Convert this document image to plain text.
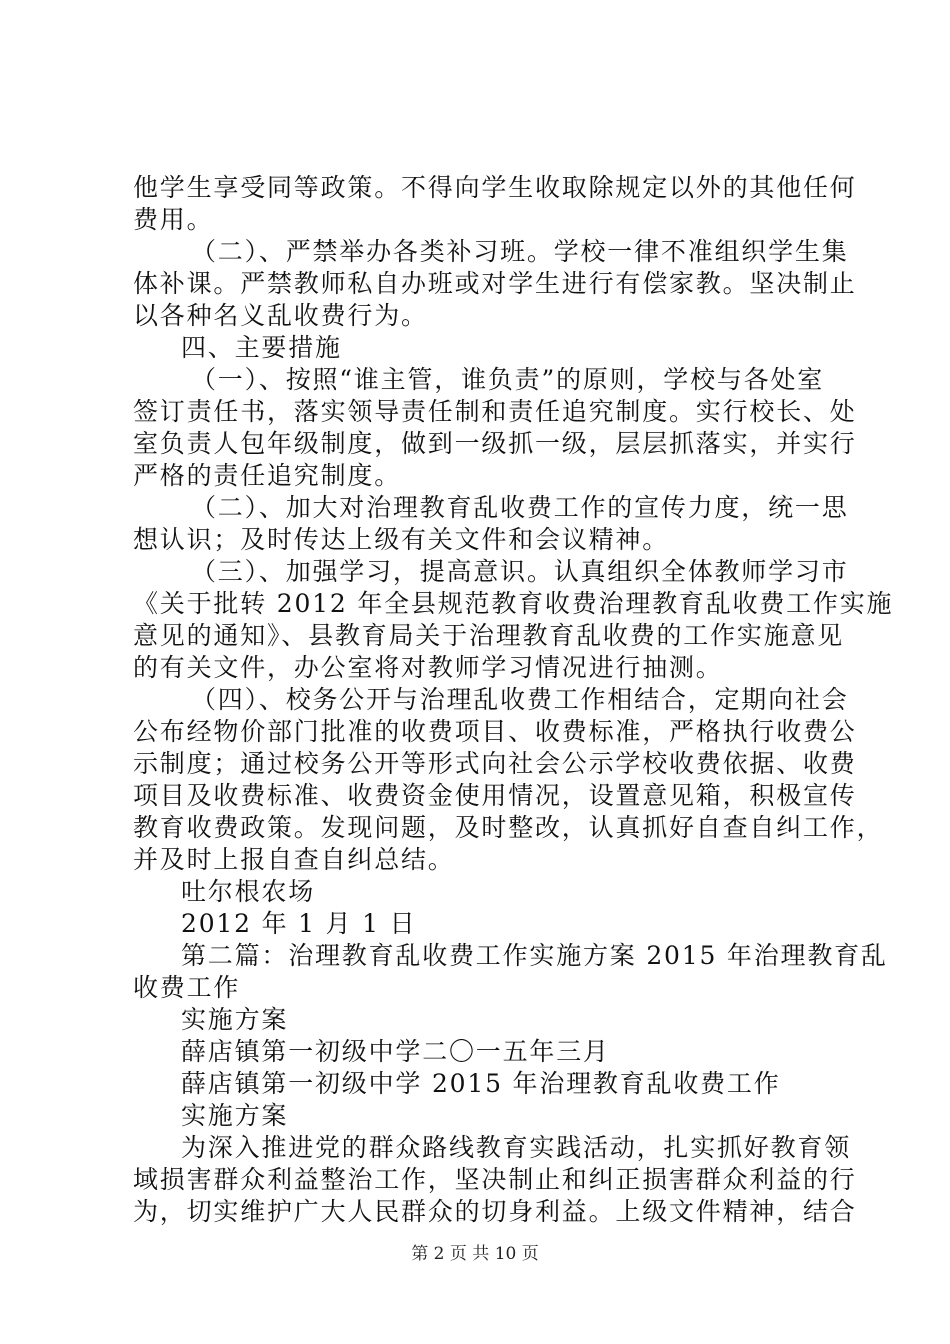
他学生享受同等政策。不得向学生收取除规定以外的其他任何
费用。
（二）、严禁举办各类补习班。学校一律不准组织学生集
体补课。严禁教师私自办班或对学生进行有偿家教。坚决制止
以各种名义乱收费行为。
四、主要措施
（一）、按照“谁主管，谁负责”的原则，学校与各处室
签订责任书，落实领导责任制和责任追究制度。实行校长、处
室负责人包年级制度，做到一级抓一级，层层抓落实，并实行
严格的责任追究制度。
（二）、加大对治理教育乱收费工作的宣传力度，统一思
想认识；及时传达上级有关文件和会议精神。
（三）、加强学习，提高意识。认真组织全体教师学习市
《关于批转 2012 年全县规范教育收费治理教育乱收费工作实施
意见的通知》、县教育局关于治理教育乱收费的工作实施意见
的有关文件，办公室将对教师学习情况进行抽测。
（四）、校务公开与治理乱收费工作相结合，定期向社会
公布经物价部门批准的收费项目、收费标准，严格执行收费公
示制度；通过校务公开等形式向社会公示学校收费依据、收费
项目及收费标准、收费资金使用情况，设置意见箱，积极宣传
教育收费政策。发现问题，及时整改，认真抓好自查自纠工作，
并及时上报自查自纠总结。
吐尔根农场
2012 年 1 月 1 日
第二篇：治理教育乱收费工作实施方案 2015 年治理教育乱
收费工作
实施方案
薛店镇第一初级中学二〇一五年三月
薛店镇第一初级中学 2015 年治理教育乱收费工作
实施方案
为深入推进党的群众路线教育实践活动，扎实抓好教育领
域损害群众利益整治工作，坚决制止和纠正损害群众利益的行
为，切实维护广大人民群众的切身利益。上级文件精神，结合
第 2 页 共 10 页
